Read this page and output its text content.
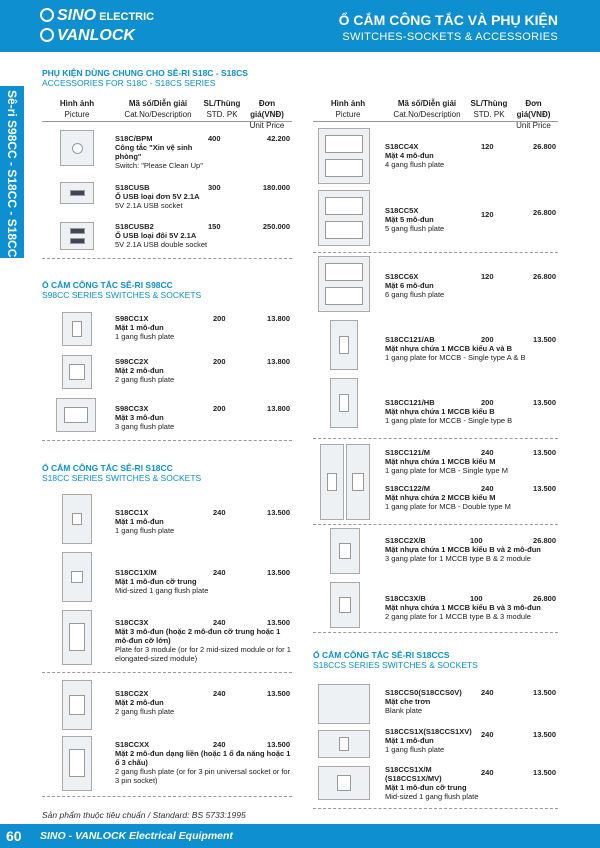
SINO ELECTRIC
VANLOCK
Ổ CẮM CÔNG TẮC VÀ PHỤ KIỆN
SWITCHES-SOCKETS & ACCESSORIES
Sê-ri S98CC - S18CC - S18CCS
PHỤ KIỆN DÙNG CHUNG CHO SÊ-RI S18C - S18CS
ACCESSORIES FOR S18C - S18CS SERIES
Ổ CẮM CÔNG TẮC SÊ-RI S98CC
S98CC SERIES SWITCHES & SOCKETS
Ổ CẮM CÔNG TẮC SÊ-RI S18CC
S18CC SERIES SWITCHES & SOCKETS
Ổ CẮM CÔNG TẮC SÊ-RI S18CCS
S18CCS SERIES SWITCHES & SOCKETS
Hình ảnh
Picture
Mã số/Diễn giải
Cat.No/Description
SL/Thùng
STD. PK
Đơn giá(VNĐ)
Unit Price
Hình ảnh
Picture
Mã số/Diễn giải
Cat.No/Description
SL/Thùng
STD. PK
Đơn giá(VNĐ)
Unit Price
S18C/BPM
Công tắc "Xin vệ sinh phòng"
Switch: "Please Clean Up"
400	42.200
S18CUSB
Ổ USB loại đơn 5V 2.1A
5V 2.1A USB socket
300	180.000
S18CUSB2
Ổ USB loại đôi 5V 2.1A
5V 2.1A USB double socket
150	250.000
S98CC1X
Mặt 1 mô-đun
1 gang flush plate
200	13.800
S98CC2X
Mặt 2 mô-đun
2 gang flush plate
200	13.800
S98CC3X
Mặt 3 mô-đun
3 gang flush plate
200	13.800
S18CC1X
Mặt 1 mô-đun
1 gang flush plate
240	13.500
S18CC1X/M
Mặt 1 mô-đun cỡ trung
Mid-sized 1 gang flush plate
240	13.500
S18CC3X
Mặt 3 mô-đun (hoặc 2 mô-đun cỡ trung hoặc 1 mô-đun cỡ lớn)
Plate for 3 module (or for 2 mid-sized module or for 1 elongated-sized module)
240	13.500
S18CC2X
Mặt 2 mô-đun
2 gang flush plate
240	13.500
S18CCXX
Mặt 2 mô-đun dạng liền (hoặc 1 ổ đa năng hoặc 1 ổ 3 chấu)
2 gang flush plate (or for 3 pin universal socket or for 3 pin socket)
240	13.500
S18CC4X
Mặt 4 mô-đun
4 gang flush plate
120	26.800
S18CC5X
Mặt 5 mô-đun
5 gang flush plate
120	26.800
S18CC6X
Mặt 6 mô-đun
6 gang flush plate
120	26.800
S18CC121/AB
Mặt nhựa chứa 1 MCCB kiểu A và B
1 gang plate for MCCB - Single type A & B
200	13.500
S18CC121/HB
Mặt nhựa chứa 1 MCCB kiểu B
1 gang plate for MCCB - Single type B
200	13.500
S18CC121/M
Mặt nhựa chứa 1 MCCB kiểu M
1 gang plate for MCB - Single type M
240	13.500
S18CC122/M
Mặt nhựa chứa 2 MCCB kiểu M
1 gang plate for MCB - Double type M
240	13.500
S18CC2X/B
Mặt nhựa chứa 1 MCCB kiểu B và 2 mô-đun
3 gang plate for 1 MCCB type B & 2 module
100	26.800
S18CC3X/B
Mặt nhựa chứa 1 MCCB kiểu B và 3 mô-đun
2 gang plate for 1 MCCB type B & 3 module
100	26.800
S18CCS0(S18CCS0V)
Mặt che trơn
Blank plate
240	13.500
S18CCS1X(S18CCS1XV)
Mặt 1 mô-đun
1 gang flush plate
240	13.500
S18CCS1X/M
(S18CCS1X/MV)
Mặt 1 mô-đun cỡ trung
Mid-sized 1 gang flush plate
240	13.500
Sản phẩm thuộc tiêu chuẩn / Standard: BS 5733:1995
60 SINO - VANLOCK Electrical Equipment
